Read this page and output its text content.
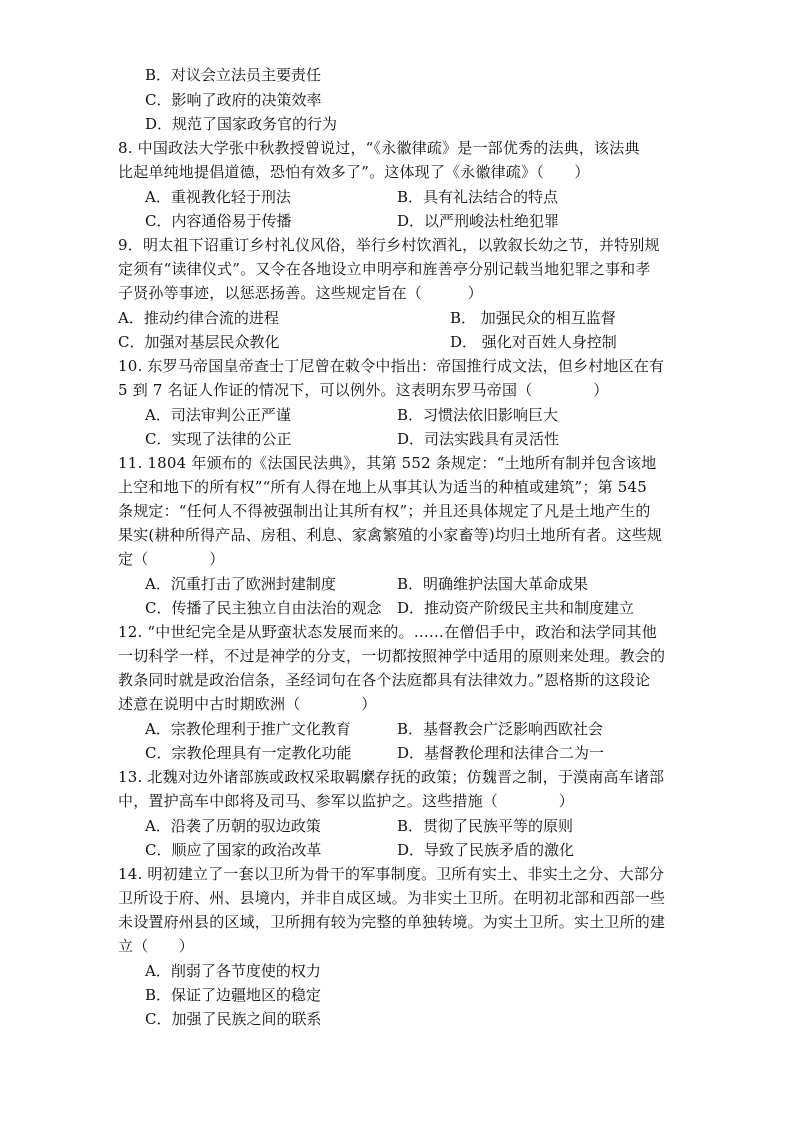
B．对议会立法员主要责任
C．影响了政府的决策效率
D．规范了国家政务官的行为
8. 中国政法大学张中秋教授曾说过，“《永徽律疏》是一部优秀的法典，该法典
比起单纯地提倡道德，恐怕有效多了”。这体现了《永徽律疏》（　　）
A．重视教化轻于刑法	B．具有礼法结合的特点
C．内容通俗易于传播	D．以严刑峻法杜绝犯罪
9．明太祖下诏重订乡村礼仪风俗，举行乡村饮酒礼，以敦叙长幼之节，并特别规
定须有“读律仪式”。又令在各地设立申明亭和旌善亭分别记载当地犯罪之事和孝
子贤孙等事迹，以惩恶扬善。这些规定旨在（　　　）
A．推动约律合流的进程	B． 加强民众的相互监督
C．加强对基层民众教化	D． 强化对百姓人身控制
10. 东罗马帝国皇帝查士丁尼曾在敕令中指出：帝国推行成文法，但乡村地区在有
5 到 7 名证人作证的情况下，可以例外。这表明东罗马帝国（　　　　）
A．司法审判公正严谨	B．习惯法依旧影响巨大
C．实现了法律的公正	D．司法实践具有灵活性
11. 1804 年颁布的《法国民法典》，其第 552 条规定：“土地所有制并包含该地
上空和地下的所有权”“所有人得在地上从事其认为适当的种植或建筑”；第 545
条规定：“任何人不得被强制出让其所有权”；并且还具体规定了凡是土地产生的
果实(耕种所得产品、房租、利息、家禽繁殖的小家畜等)均归土地所有者。这些规
定（　　　　）
A．沉重打击了欧洲封建制度	B．明确维护法国大革命成果
C．传播了民主独立自由法治的观念 D．推动资产阶级民主共和制度建立
12. “中世纪完全是从野蛮状态发展而来的。……在僧侣手中，政治和法学同其他
一切科学一样，不过是神学的分支，一切都按照神学中适用的原则来处理。教会的
教条同时就是政治信条，圣经词句在各个法庭都具有法律效力。”恩格斯的这段论
述意在说明中古时期欧洲（　　　　）
A．宗教伦理利于推广文化教育	B．基督教会广泛影响西欧社会
C．宗教伦理具有一定教化功能	D．基督教伦理和法律合二为一
13. 北魏对边外诸部族或政权采取羁縻存抚的政策；仿魏晋之制，于漠南高车诸部
中，置护高车中郎将及司马、参军以监护之。这些措施（　　　　）
A．沿袭了历朝的驭边政策	B．贯彻了民族平等的原则
C．顺应了国家的政治改革	D．导致了民族矛盾的激化
14. 明初建立了一套以卫所为骨干的军事制度。卫所有实土、非实土之分、大部分
卫所设于府、州、县境内，并非自成区域。为非实土卫所。在明初北部和西部一些
未设置府州县的区域，卫所拥有较为完整的单独转境。为实土卫所。实土卫所的建
立（　　）
A．削弱了各节度使的权力
B．保证了边疆地区的稳定
C．加强了民族之间的联系
